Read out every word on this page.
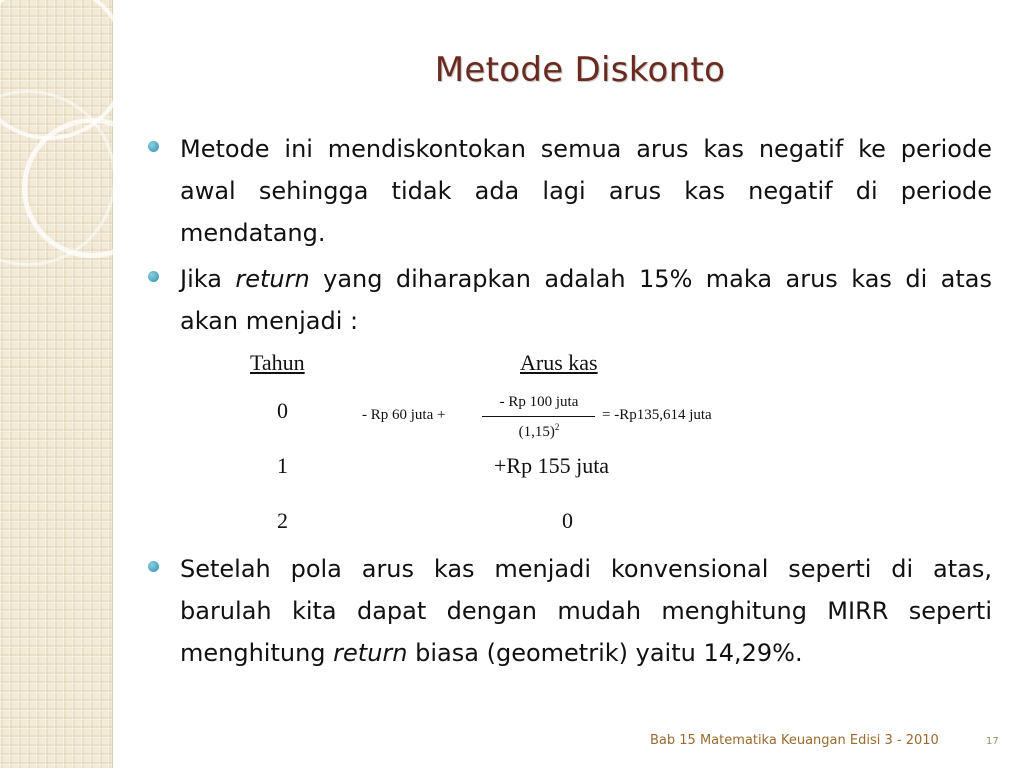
Metode Diskonto
Metode ini mendiskontokan semua arus kas negatif ke periode awal sehingga tidak ada lagi arus kas negatif di periode mendatang.
Jika return yang diharapkan adalah 15% maka arus kas di atas akan menjadi :
Tahun	Arus kas
0
1
2
- Rp 60 juta +
- Rp 100 juta
$(1,15)^2$
= -Rp135,614 juta
+Rp 155 juta
0
Setelah pola arus kas menjadi konvensional seperti di atas, barulah kita dapat dengan mudah menghitung MIRR seperti menghitung return biasa (geometrik) yaitu 14,29%.
Bab 15 Matematika Keuangan Edisi 3 - 2010	17
